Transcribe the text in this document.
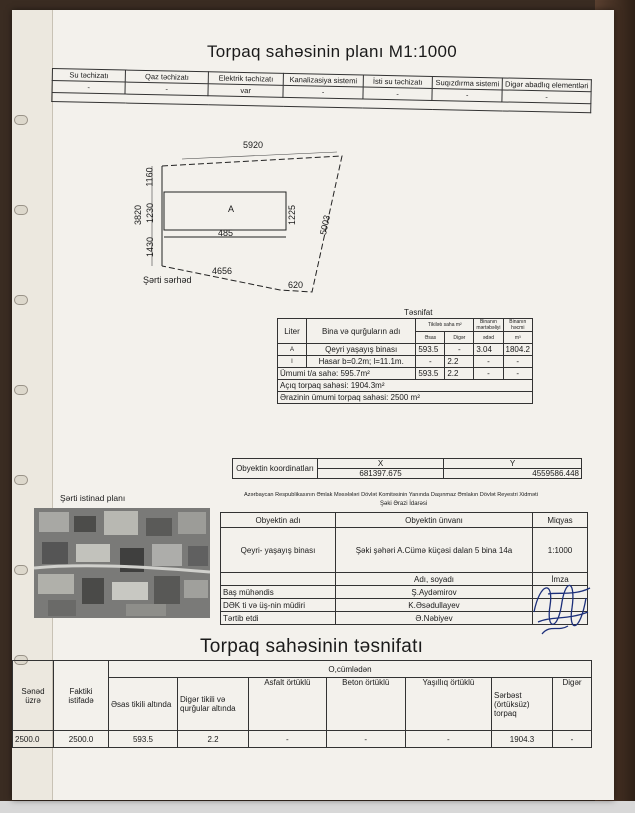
Torpaq sahəsinin planı M1:1000
Su təchizatı	Qaz təchizatı	Elektrik təchizatı	Kanalizasiya sistemi	İsti su təchizatı	Suqızdırma sistemi	Digər abadlıq elementləri
-	-	var	-	-	-	-

5920
3820
1160
1230
1430
1225
485	5003
4656
620
A
Şərti sərhəd
Təsnifat
Liter	Bina və qurğuların adı	Tikilətı saha m²		Binanın mərtəbəliyi	Binanın həcmi
		Əsas	Digər	ədəd	m³
A	Qeyri yaşayış binası	593.5	-	3.04	1804.2
I	Hasar b=0.2m; l=11.1m.	-	2.2	-	-
Ümumi t/a sahə: 595.7m²		593.5	2.2	-	-
Açıq torpaq sahəsi: 1904.3m²					
Ərazinin ümumi torpaq sahəsi: 2500 m²					
Obyektin koordinatları	X	Y
	681397.675	4559586.448
Şərti istinad planı	Azərbaycan Respublikasının Əmlak Məsələləri Dövlət Komitəsinin Yanında Daşınmaz Əmlakın Dövlət Reyestri Xidməti
Şəki Ərazi İdarəsi
Obyektin adı	Obyektin ünvanı	Miqyas
Qeyri- yaşayış binası	Şəki şəhəri A.Cümə küçəsi dalan 5 bina 14a	1:1000
	Adı, soyadı	İmza
Baş mühəndis	Ş.Aydəmirov	
DƏK ti və üş-nin müdiri	K.Əsədullayev	
Tərtib etdi	Ə.Nəbiyev	
Torpaq sahəsinin təsnifatı
Sənəd üzrə	Faktiki istifadə	O,cümlədən						
		Əsas tikili altında	Digər tikili və qurğular altında	Asfalt örtüklü	Beton örtüklü	Yaşıllıq örtüklü	Sərbəst (örtüksüz) torpaq	Digər
2500.0	2500.0	593.5	2.2	-	-	-	1904.3	-
